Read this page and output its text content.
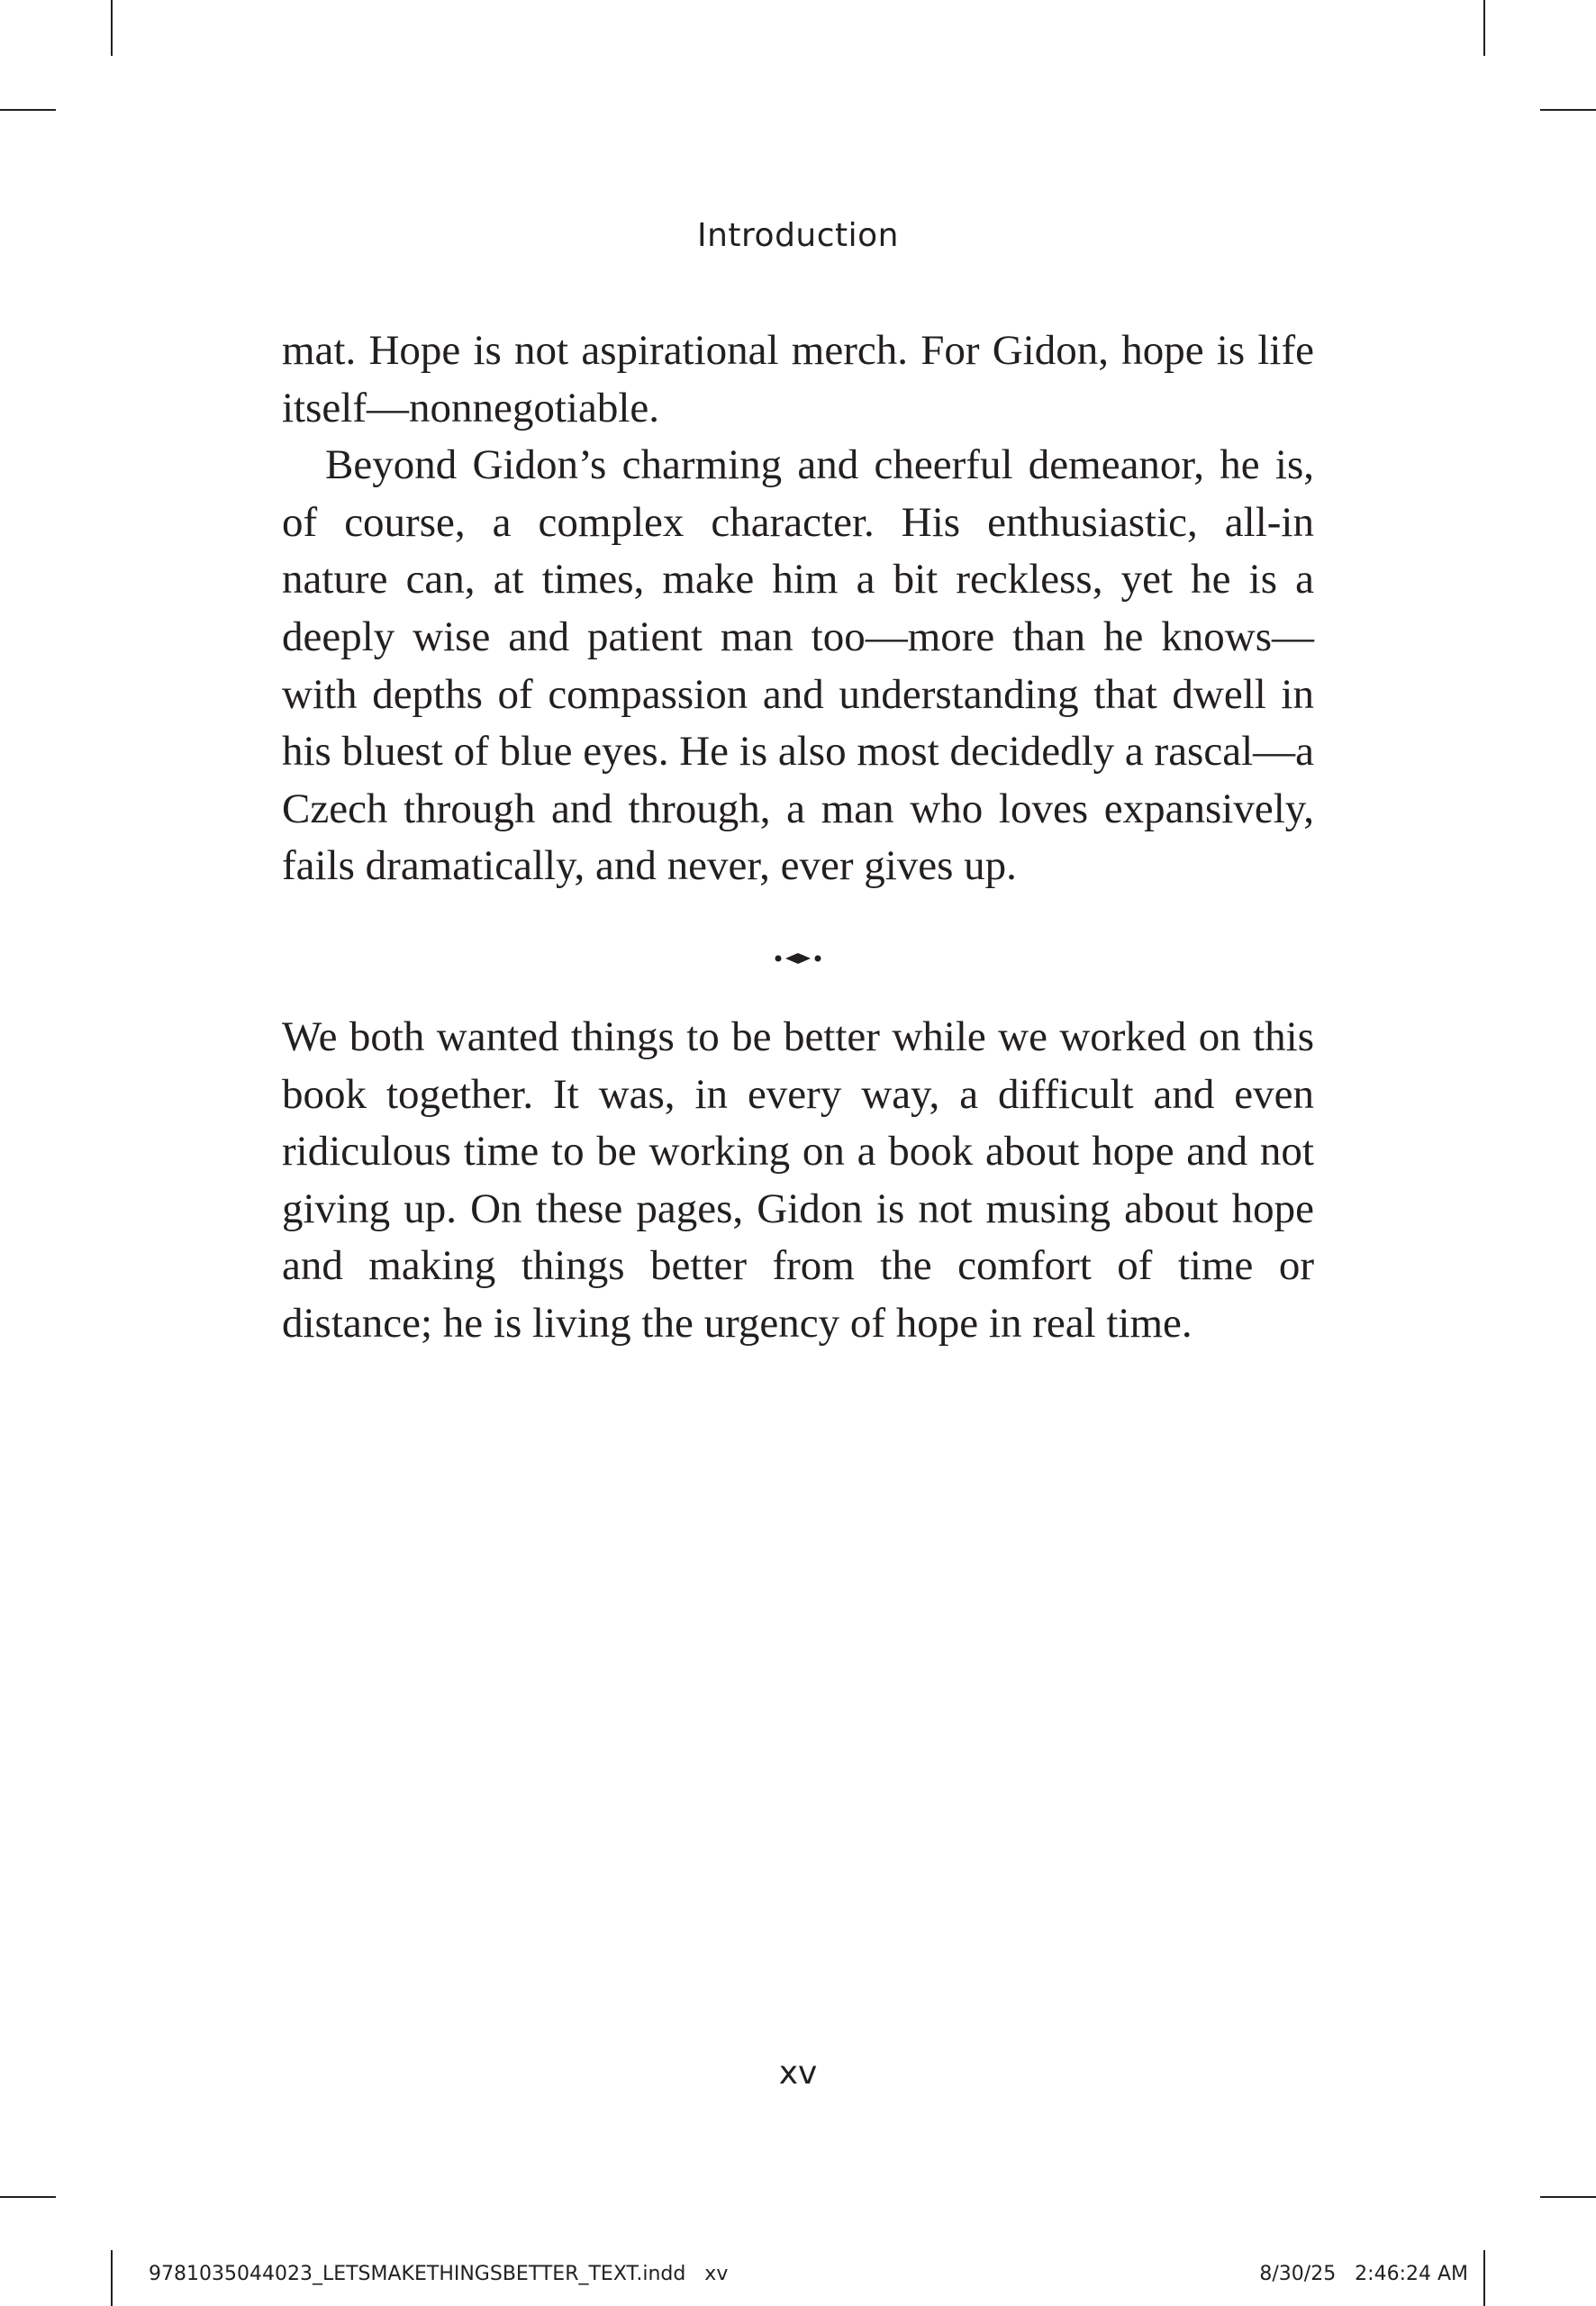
Introduction

mat. Hope is not aspirational merch. For Gidon, hope is life itself—nonnegotiable.

Beyond Gidon’s charming and cheerful demeanor, he is, of course, a complex character. His enthusiastic, all-in nature can, at times, make him a bit reckless, yet he is a deeply wise and patient man too—more than he knows—with depths of compassion and understanding that dwell in his bluest of blue eyes. He is also most decidedly a rascal—a Czech through and through, a man who loves expansively, fails dramatically, and never, ever gives up.

We both wanted things to be better while we worked on this book together. It was, in every way, a difficult and even ridiculous time to be working on a book about hope and not giving up. On these pages, Gidon is not musing about hope and making things better from the comfort of time or distance; he is living the urgency of hope in real time.

xv
9781035044023_LETSMAKETHINGSBETTER_TEXT.indd   xv	8/30/25   2:46:24 AM
